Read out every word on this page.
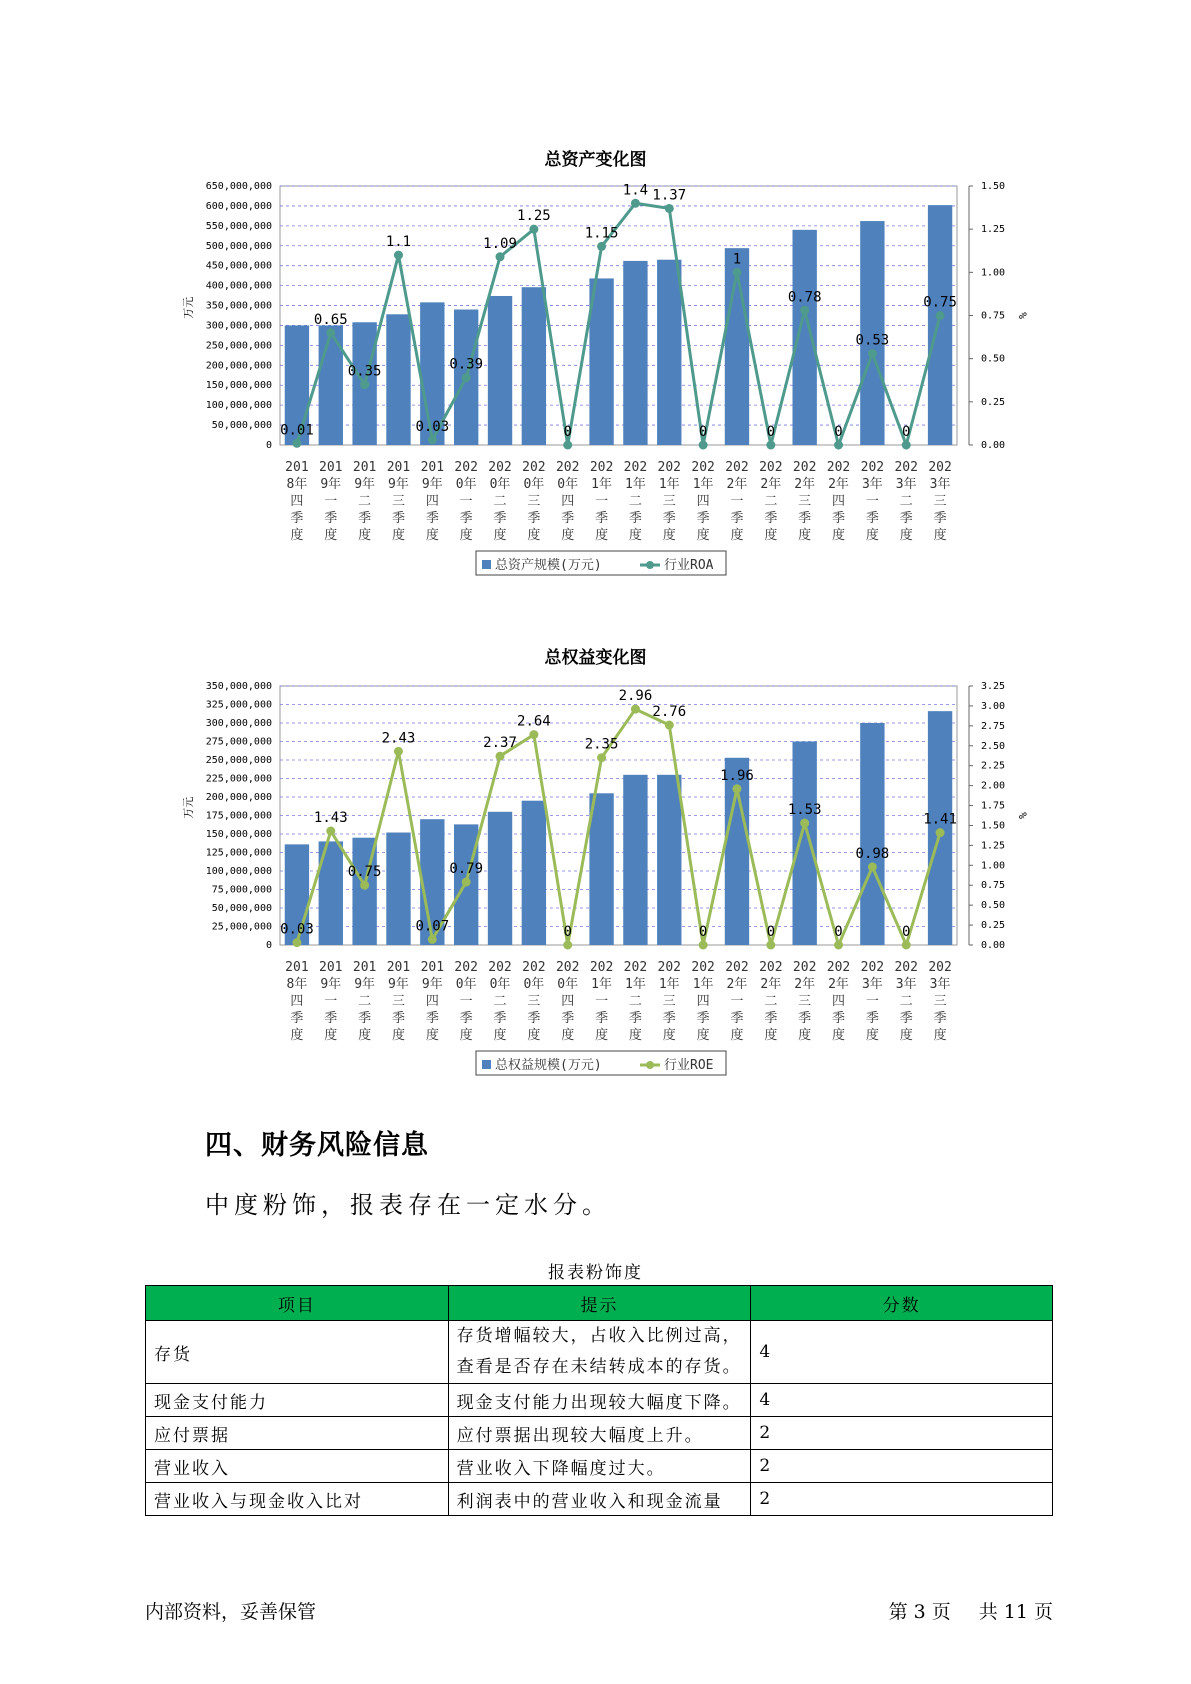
总资产变化图
0
50,000,000
100,000,000
150,000,000
200,000,000
250,000,000
300,000,000
350,000,000
400,000,000
450,000,000
500,000,000
550,000,000
600,000,000
650,000,000
0.00
0.25
0.50
0.75
1.00
1.25
1.50
万元	%
201
8年
四
季
度
201
9年
一
季
度
201
9年
二
季
度
201
9年
三
季
度
201
9年
四
季
度
202
0年
一
季
度
202
0年
二
季
度
202
0年
三
季
度
202
0年
四
季
度
202
1年
一
季
度
202
1年
二
季
度
202
1年
三
季
度
202
1年
四
季
度
202
2年
一
季
度
202
2年
二
季
度
202
2年
三
季
度
202
2年
四
季
度
202
3年
一
季
度
202
3年
二
季
度
202
3年
三
季
度
0.01
0.65
0.35
1.1
0.03
0.39
1.09
1.25
0
1.15
1.4 1.37
0
1
0
0.78
0
0.53
0
0.75
总资产规模(万元)	行业ROA
总权益变化图
0
25,000,000
50,000,000
75,000,000
100,000,000
125,000,000
150,000,000
175,000,000
200,000,000
225,000,000
250,000,000
275,000,000
300,000,000
325,000,000
350,000,000
0.00
0.25
0.50
0.75
1.00
1.25
1.50
1.75
2.00
2.25
2.50
2.75
3.00
3.25
万元	%
201
8年
四
季
度
201
9年
一
季
度
201
9年
二
季
度
201
9年
三
季
度
201
9年
四
季
度
202
0年
一
季
度
202
0年
二
季
度
202
0年
三
季
度
202
0年
四
季
度
202
1年
一
季
度
202
1年
二
季
度
202
1年
三
季
度
202
1年
四
季
度
202
2年
一
季
度
202
2年
二
季
度
202
2年
三
季
度
202
2年
四
季
度
202
3年
一
季
度
202
3年
二
季
度
202
3年
三
季
度
0.03
1.43
0.75
2.43
0.07
0.79
2.37
2.64
0
2.35
2.96
2.76
0
1.96
0
1.53
0
0.98
0
1.41
总权益规模(万元)	行业ROE
四、财务风险信息
中度粉饰，报表存在一定水分。
报表粉饰度
项目	提示	分数
存货	存货增幅较大，占收入比例过高，查看是否存在未结转成本的存货。	4
现金支付能力	现金支付能力出现较大幅度下降。	4
应付票据	应付票据出现较大幅度上升。	2
营业收入	营业收入下降幅度过大。	2
营业收入与现金收入比对	利润表中的营业收入和现金流量	2
内部资料，妥善保管	第 3 页 共 11 页
